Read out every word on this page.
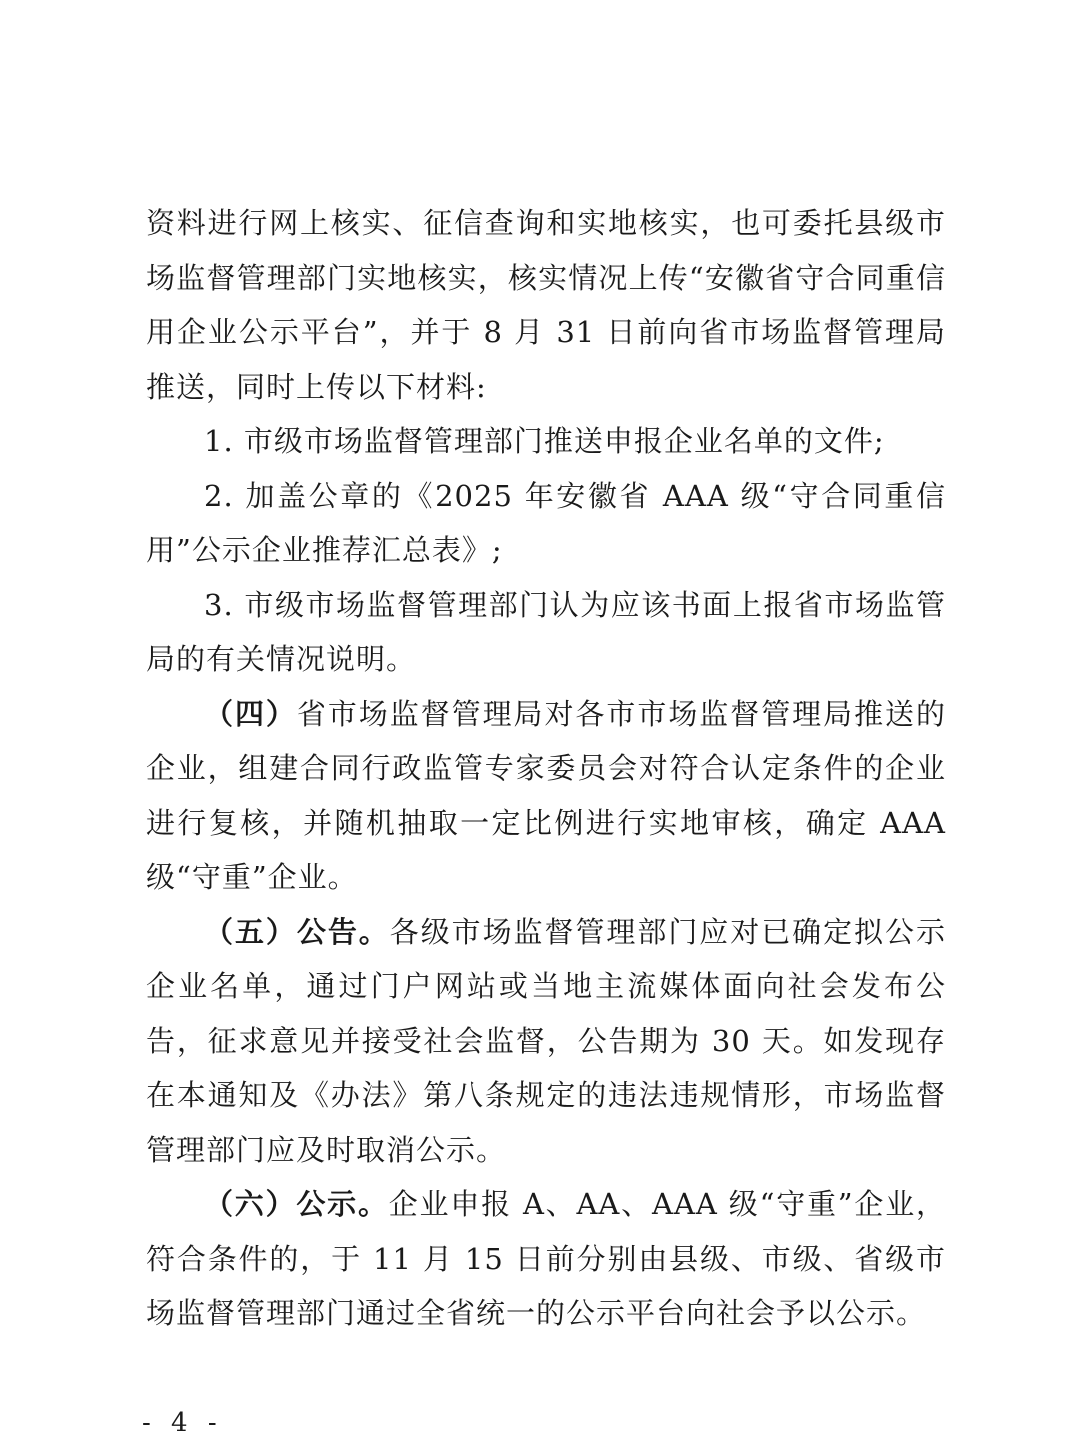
资料进行网上核实、征信查询和实地核实，也可委托县级市场监督管理部门实地核实，核实情况上传“安徽省守合同重信用企业公示平台”，并于 8 月 31 日前向省市场监督管理局推送，同时上传以下材料:

1. 市级市场监督管理部门推送申报企业名单的文件;

2. 加盖公章的《2025 年安徽省 AAA 级“守合同重信用”公示企业推荐汇总表》;

3. 市级市场监督管理部门认为应该书面上报省市场监管局的有关情况说明。

（四）省市场监督管理局对各市市场监督管理局推送的企业，组建合同行政监管专家委员会对符合认定条件的企业进行复核，并随机抽取一定比例进行实地审核，确定 AAA 级“守重”企业。

（五）公告。各级市场监督管理部门应对已确定拟公示企业名单，通过门户网站或当地主流媒体面向社会发布公告，征求意见并接受社会监督，公告期为 30 天。如发现存在本通知及《办法》第八条规定的违法违规情形，市场监督管理部门应及时取消公示。

（六）公示。企业申报 A、AA、AAA 级“守重”企业，符合条件的，于 11 月 15 日前分别由县级、市级、省级市场监督管理部门通过全省统一的公示平台向社会予以公示。

- 4 -
